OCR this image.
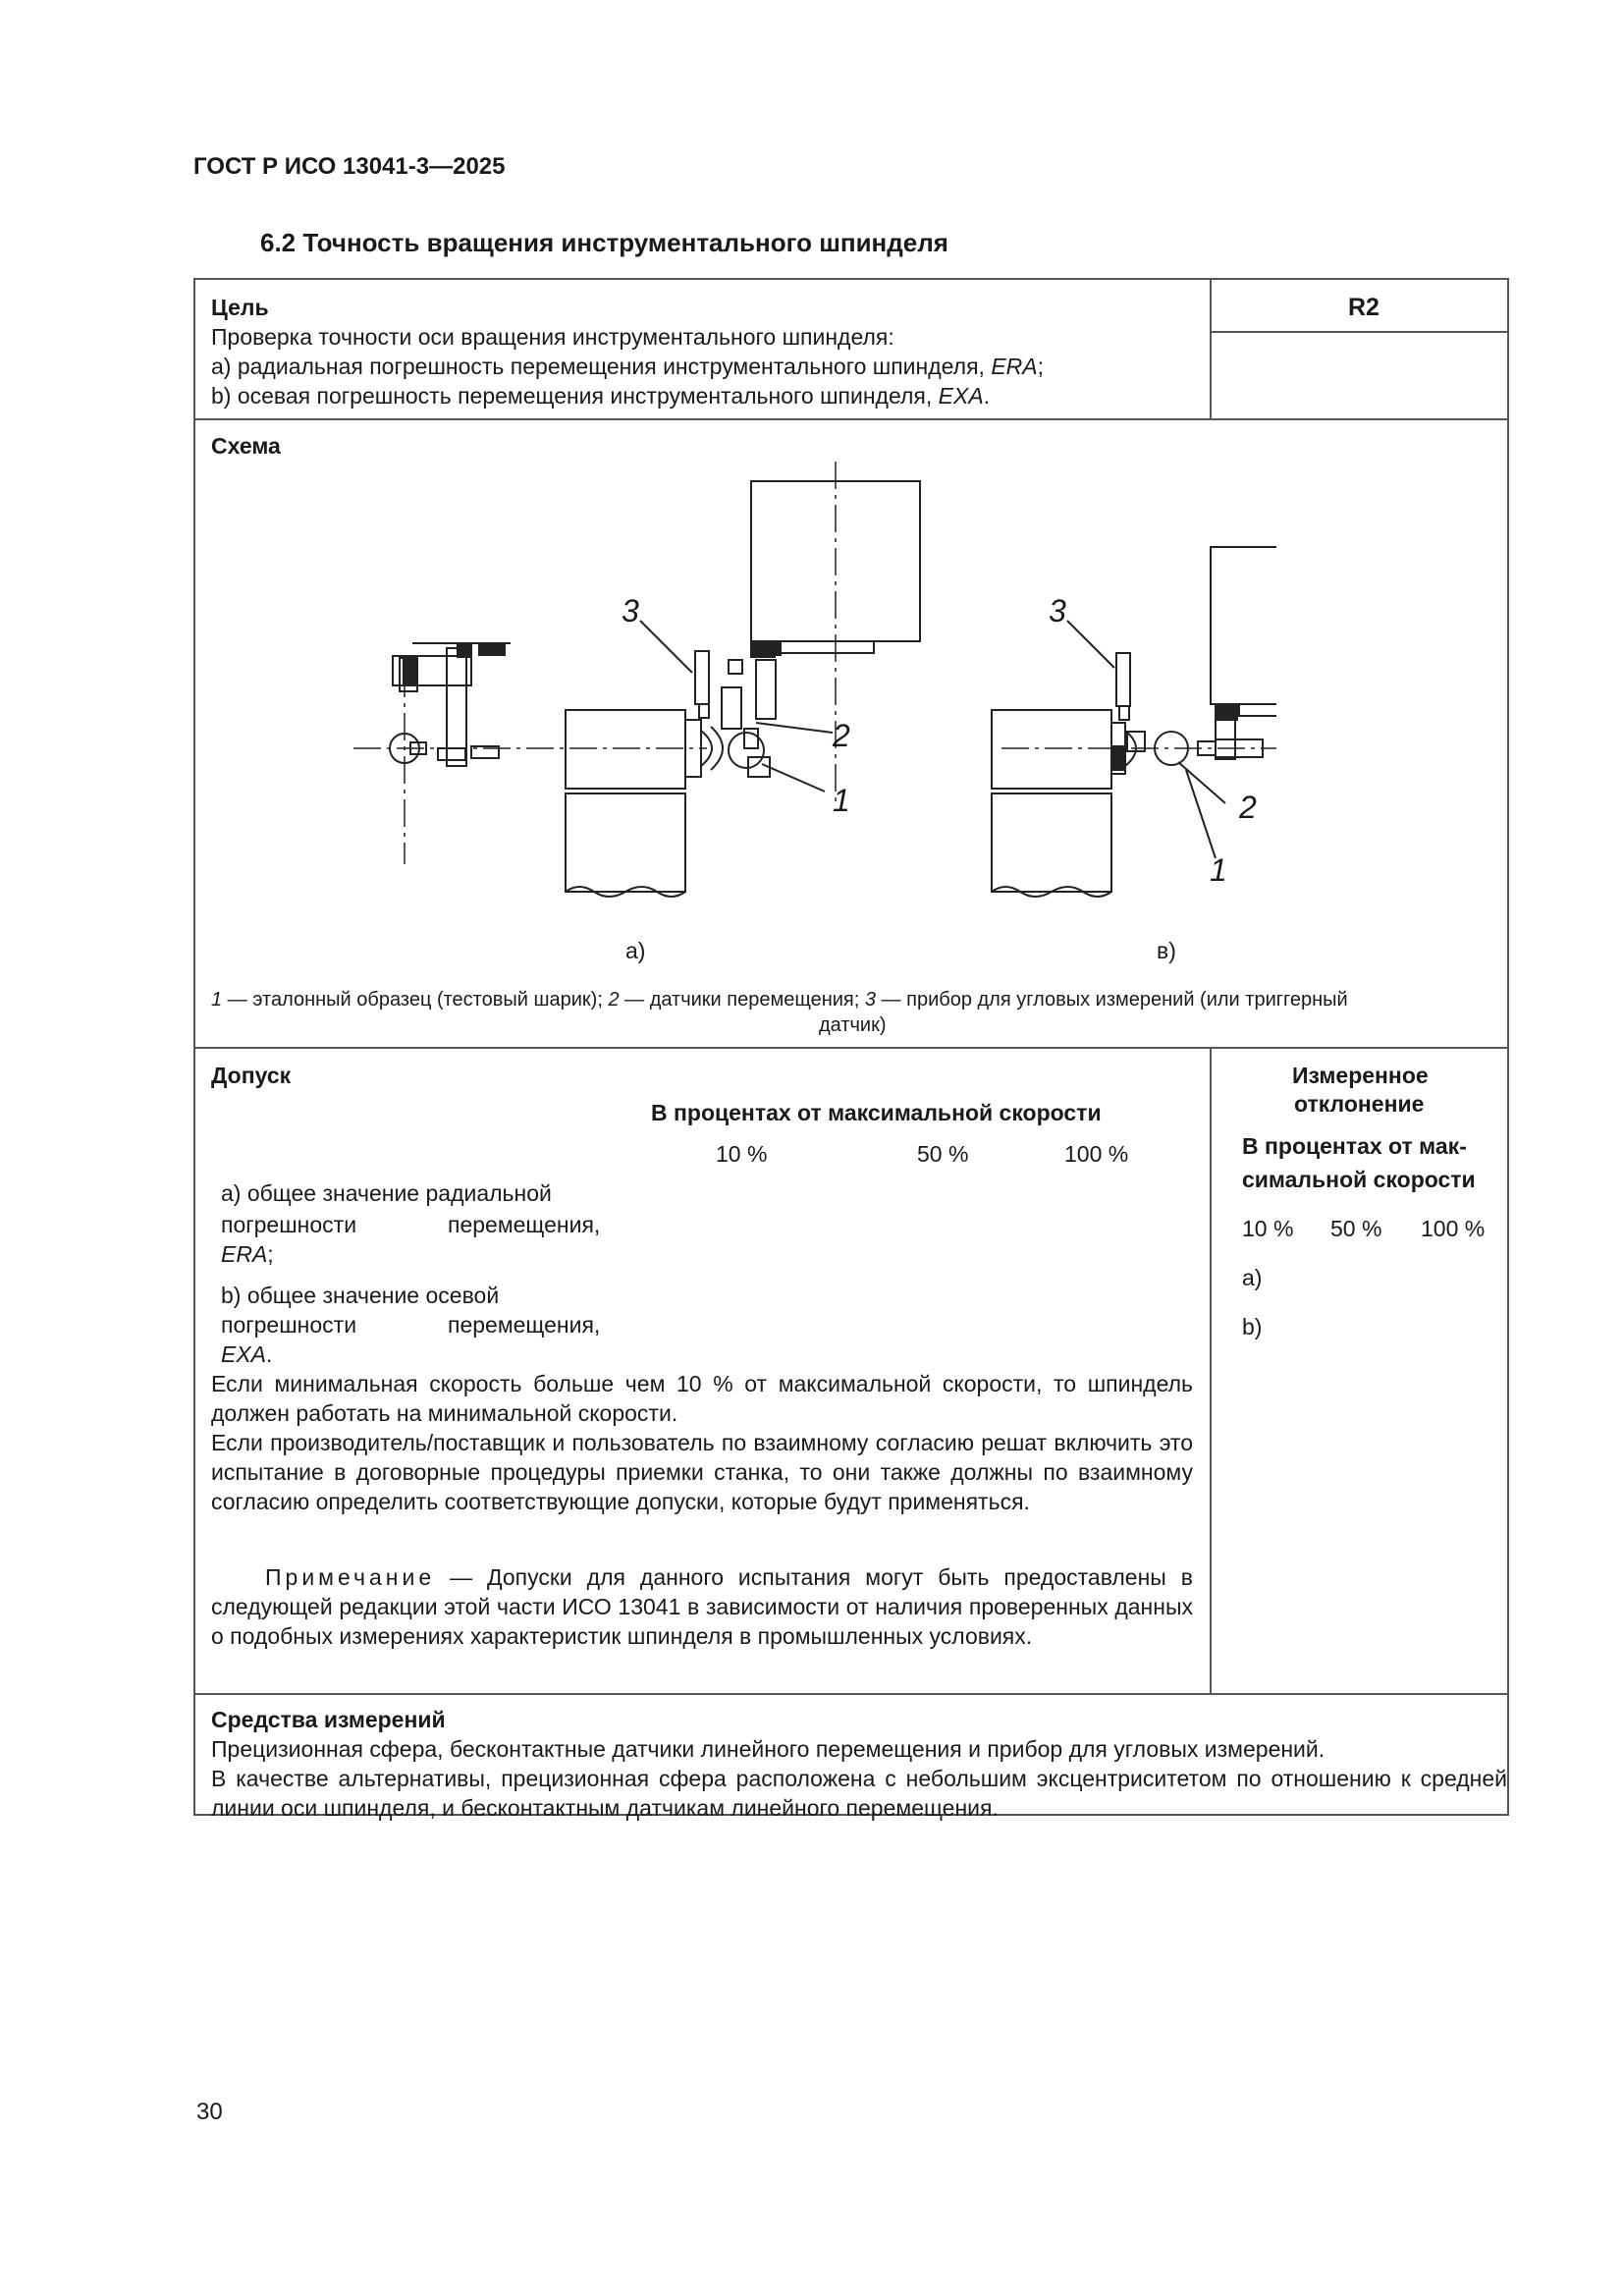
ГОСТ Р ИСО 13041-3—2025
6.2 Точность вращения инструментального шпинделя
Цель	R2
Проверка точности оси вращения инструментального шпинделя:
а) радиальная погрешность перемещения инструментального шпинделя, ERA;
b) осевая погрешность перемещения инструментального шпинделя, EXA.
Схема
3
2
1
3
2
1
а)	в)
1 — эталонный образец (тестовый шарик); 2 — датчики перемещения; 3 — прибор для угловых измерений (или триггерный
датчик)
Допуск
В процентах от максимальной скорости
10 %	50 %	100 %
а) общее значение радиальной
погрешности	перемещения,
ERA;
b) общее значение осевой
погрешности	перемещения,
EXA.
Если минимальная скорость больше чем 10 % от максимальной скорости, то шпиндель должен работать на минимальной скорости.
Если производитель/поставщик и пользователь по взаимному согласию решат включить это испытание в договорные процедуры приемки станка, то они также должны по взаимному согласию определить соответствующие допуски, которые будут применяться.
Примечание — Допуски для данного испытания могут быть предоставлены в следующей редакции этой части ИСО 13041 в зависимости от наличия проверенных данных о подобных измерениях характеристик шпинделя в промышленных условиях.
Измеренное
отклонение
В процентах от мак-
симальной скорости
10 % 50 % 100 %
а)
b)
Средства измерений
Прецизионная сфера, бесконтактные датчики линейного перемещения и прибор для угловых измерений.
В качестве альтернативы, прецизионная сфера расположена с небольшим эксцентриситетом по отношению к средней линии оси шпинделя, и бесконтактным датчикам линейного перемещения.
30
